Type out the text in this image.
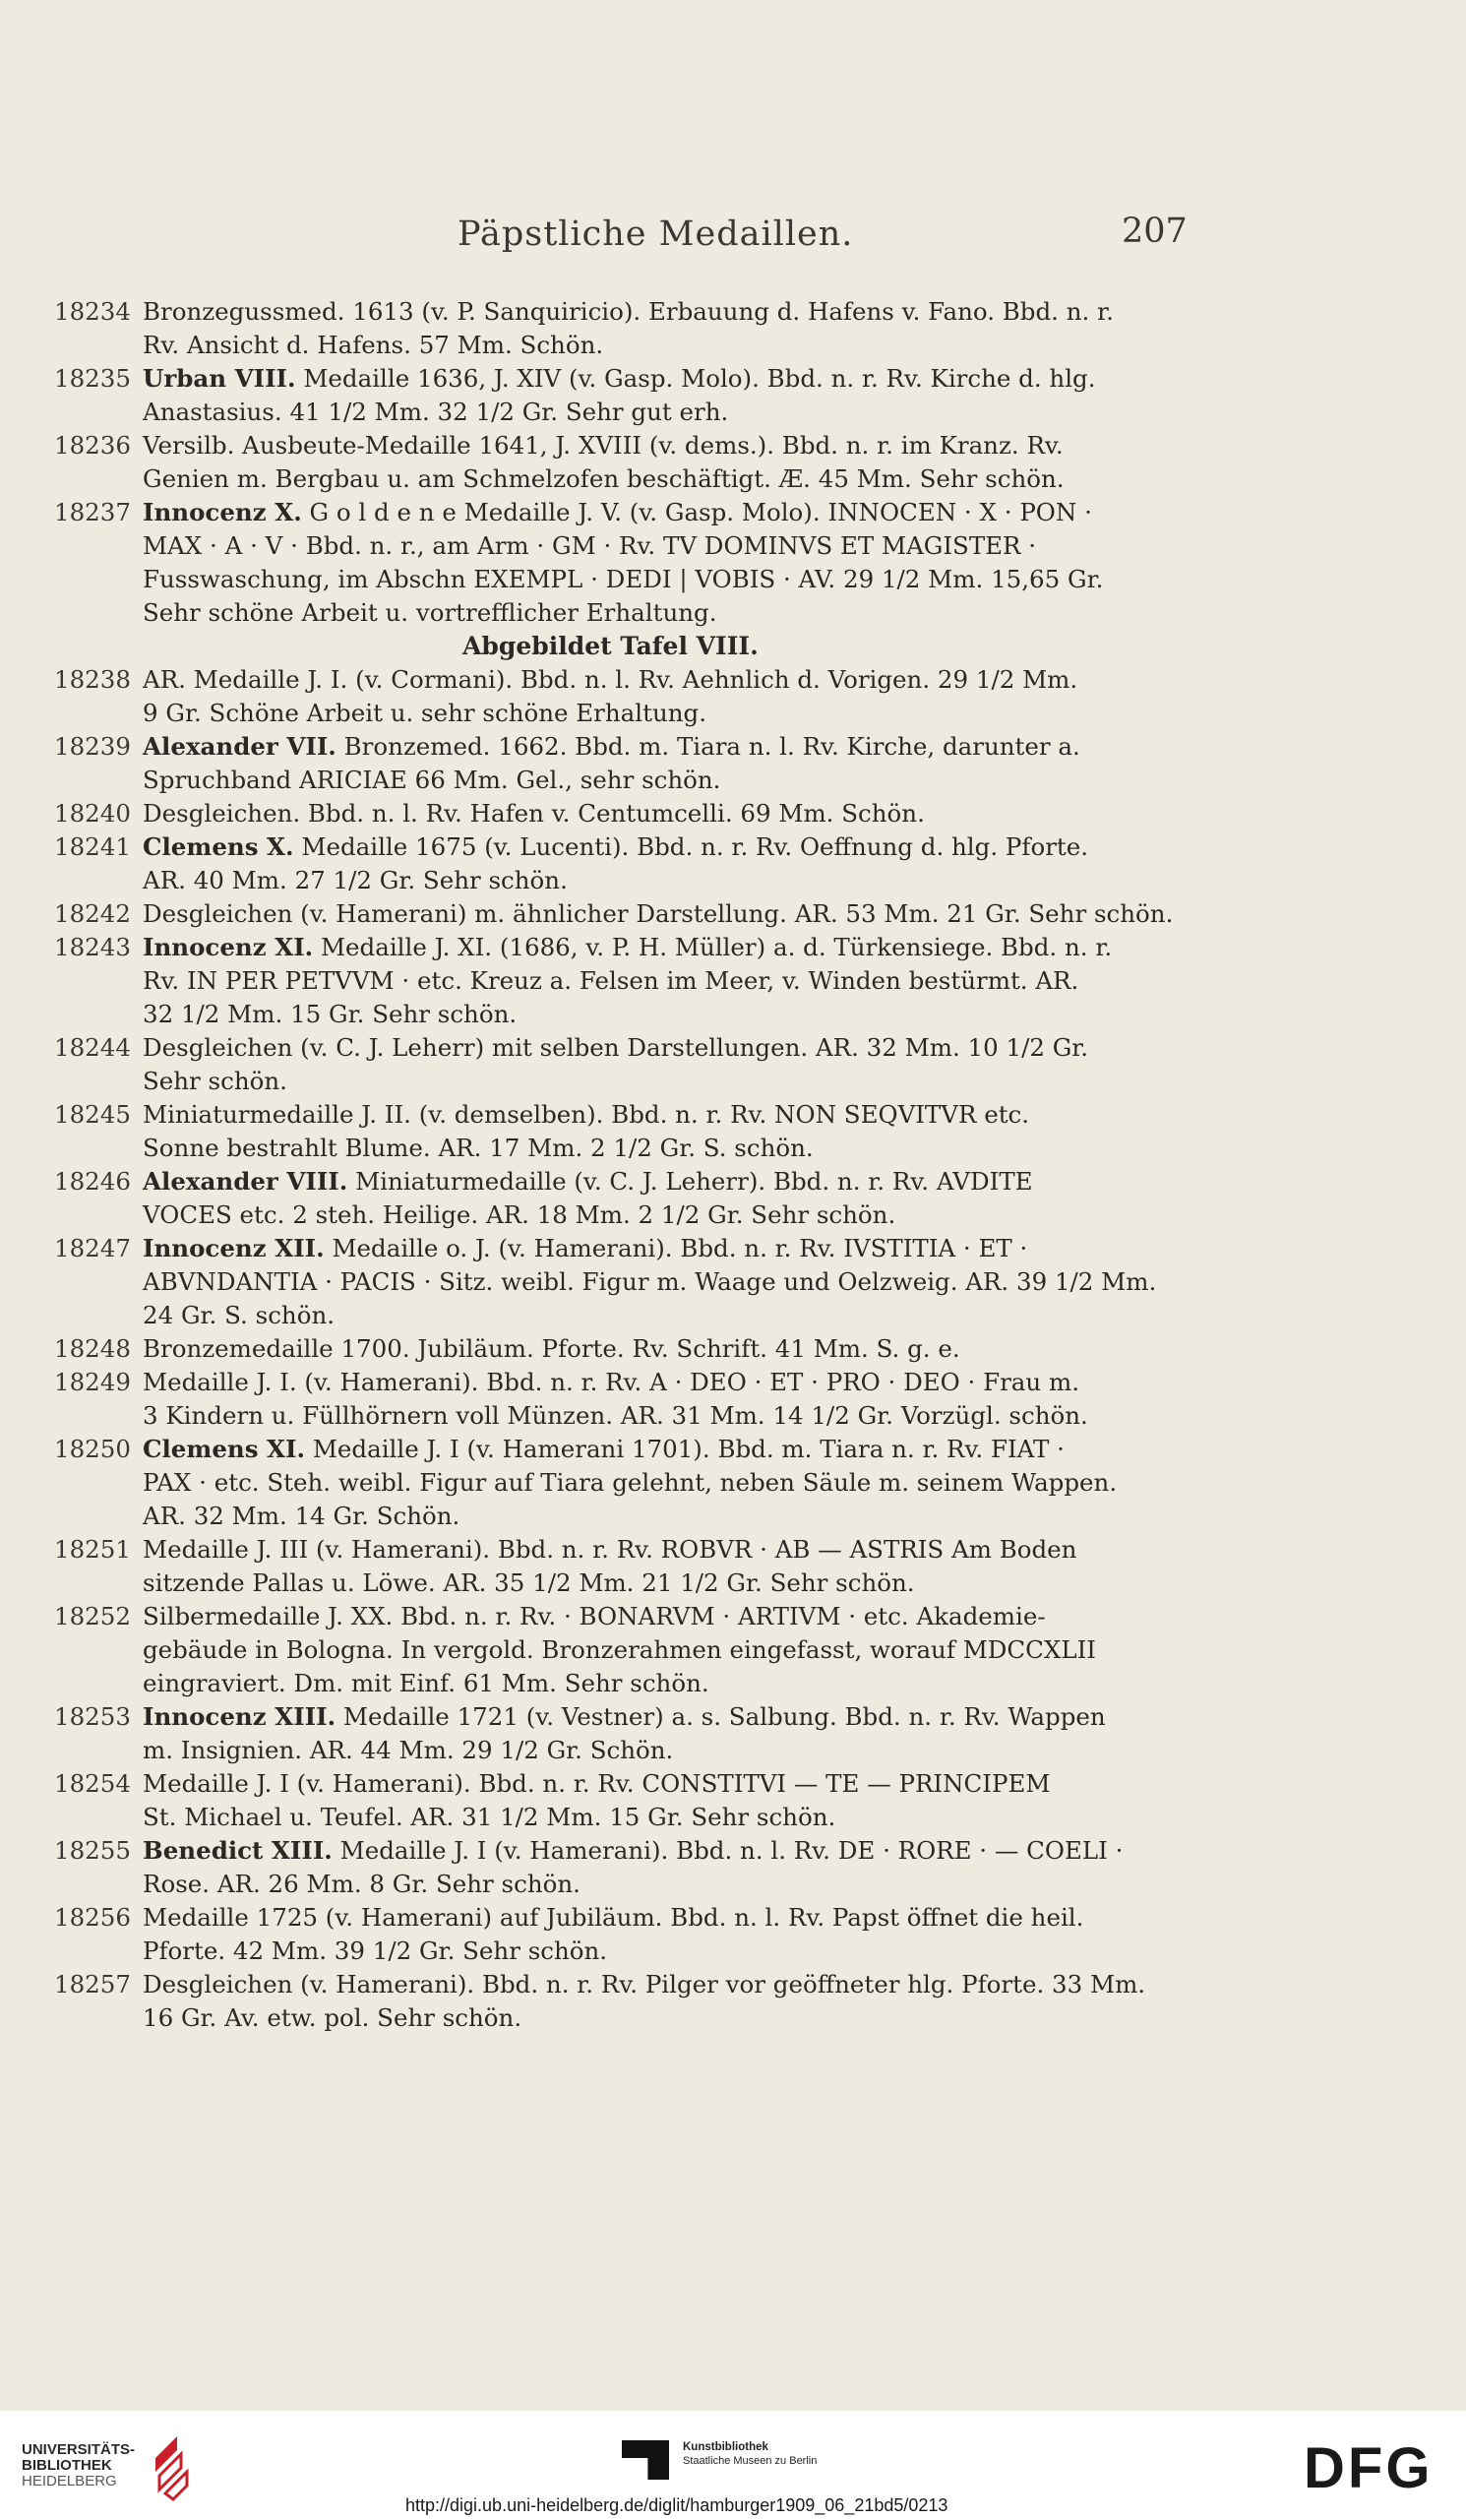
Päpstliche Medaillen.	207
18234 Bronzegussmed. 1613 (v. P. Sanquiricio). Erbauung d. Hafens v. Fano. Bbd. n. r.
Rv. Ansicht d. Hafens. 57 Mm. Schön.
18235 Urban VIII. Medaille 1636, J. XIV (v. Gasp. Molo). Bbd. n. r. Rv. Kirche d. hlg.
Anastasius. 41 1/2 Mm. 32 1/2 Gr. Sehr gut erh.
18236 Versilb. Ausbeute-Medaille 1641, J. XVIII (v. dems.). Bbd. n. r. im Kranz. Rv.
Genien m. Bergbau u. am Schmelzofen beschäftigt. Æ. 45 Mm. Sehr schön.
18237 Innocenz X. G o l d e n e Medaille J. V. (v. Gasp. Molo). INNOCEN · X · PON ·
MAX · A · V · Bbd. n. r., am Arm · GM · Rv. TV DOMINVS ET MAGISTER ·
Fusswaschung, im Abschn EXEMPL · DEDI | VOBIS · AV. 29 1/2 Mm. 15,65 Gr.
Sehr schöne Arbeit u. vortrefflicher Erhaltung.
Abgebildet Tafel VIII.
18238 AR. Medaille J. I. (v. Cormani). Bbd. n. l. Rv. Aehnlich d. Vorigen. 29 1/2 Mm.
9 Gr. Schöne Arbeit u. sehr schöne Erhaltung.
18239 Alexander VII. Bronzemed. 1662. Bbd. m. Tiara n. l. Rv. Kirche, darunter a.
Spruchband ARICIAE 66 Mm. Gel., sehr schön.
18240 Desgleichen. Bbd. n. l. Rv. Hafen v. Centumcelli. 69 Mm. Schön.
18241 Clemens X. Medaille 1675 (v. Lucenti). Bbd. n. r. Rv. Oeffnung d. hlg. Pforte.
AR. 40 Mm. 27 1/2 Gr. Sehr schön.
18242 Desgleichen (v. Hamerani) m. ähnlicher Darstellung. AR. 53 Mm. 21 Gr. Sehr schön.
18243 Innocenz XI. Medaille J. XI. (1686, v. P. H. Müller) a. d. Türkensiege. Bbd. n. r.
Rv. IN PER PETVVM · etc. Kreuz a. Felsen im Meer, v. Winden bestürmt. AR.
32 1/2 Mm. 15 Gr. Sehr schön.
18244 Desgleichen (v. C. J. Leherr) mit selben Darstellungen. AR. 32 Mm. 10 1/2 Gr.
Sehr schön.
18245 Miniaturmedaille J. II. (v. demselben). Bbd. n. r. Rv. NON SEQVITVR etc.
Sonne bestrahlt Blume. AR. 17 Mm. 2 1/2 Gr. S. schön.
18246 Alexander VIII. Miniaturmedaille (v. C. J. Leherr). Bbd. n. r. Rv. AVDITE
VOCES etc. 2 steh. Heilige. AR. 18 Mm. 2 1/2 Gr. Sehr schön.
18247 Innocenz XII. Medaille o. J. (v. Hamerani). Bbd. n. r. Rv. IVSTITIA · ET ·
ABVNDANTIA · PACIS · Sitz. weibl. Figur m. Waage und Oelzweig. AR. 39 1/2 Mm.
24 Gr. S. schön.
18248 Bronzemedaille 1700. Jubiläum. Pforte. Rv. Schrift. 41 Mm. S. g. e.
18249 Medaille J. I. (v. Hamerani). Bbd. n. r. Rv. A · DEO · ET · PRO · DEO · Frau m.
3 Kindern u. Füllhörnern voll Münzen. AR. 31 Mm. 14 1/2 Gr. Vorzügl. schön.
18250 Clemens XI. Medaille J. I (v. Hamerani 1701). Bbd. m. Tiara n. r. Rv. FIAT ·
PAX · etc. Steh. weibl. Figur auf Tiara gelehnt, neben Säule m. seinem Wappen.
AR. 32 Mm. 14 Gr. Schön.
18251 Medaille J. III (v. Hamerani). Bbd. n. r. Rv. ROBVR · AB — ASTRIS Am Boden
sitzende Pallas u. Löwe. AR. 35 1/2 Mm. 21 1/2 Gr. Sehr schön.
18252 Silbermedaille J. XX. Bbd. n. r. Rv. · BONARVM · ARTIVM · etc. Akademie-
gebäude in Bologna. In vergold. Bronzerahmen eingefasst, worauf MDCCXLII
eingraviert. Dm. mit Einf. 61 Mm. Sehr schön.
18253 Innocenz XIII. Medaille 1721 (v. Vestner) a. s. Salbung. Bbd. n. r. Rv. Wappen
m. Insignien. AR. 44 Mm. 29 1/2 Gr. Schön.
18254 Medaille J. I (v. Hamerani). Bbd. n. r. Rv. CONSTITVI — TE — PRINCIPEM
St. Michael u. Teufel. AR. 31 1/2 Mm. 15 Gr. Sehr schön.
18255 Benedict XIII. Medaille J. I (v. Hamerani). Bbd. n. l. Rv. DE · RORE · — COELI ·
Rose. AR. 26 Mm. 8 Gr. Sehr schön.
18256 Medaille 1725 (v. Hamerani) auf Jubiläum. Bbd. n. l. Rv. Papst öffnet die heil.
Pforte. 42 Mm. 39 1/2 Gr. Sehr schön.
18257 Desgleichen (v. Hamerani). Bbd. n. r. Rv. Pilger vor geöffneter hlg. Pforte. 33 Mm.
16 Gr. Av. etw. pol. Sehr schön.
UNIVERSITÄTS-
BIBLIOTHEK
HEIDELBERG
Kunstbibliothek
Staatliche Museen zu Berlin	DFG
http://digi.ub.uni-heidelberg.de/diglit/hamburger1909_06_21bd5/0213
